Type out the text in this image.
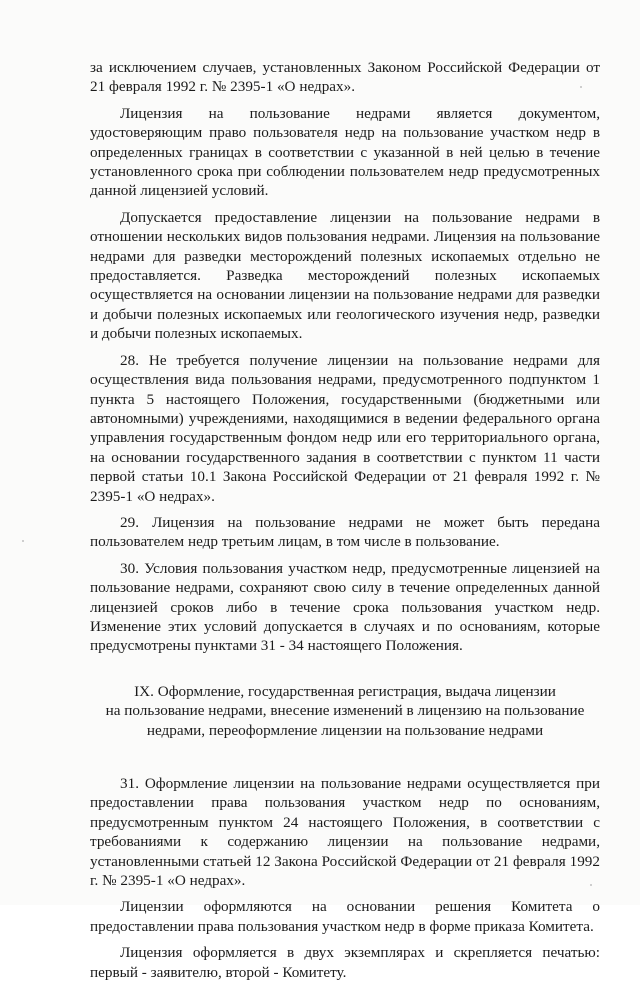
за исключением случаев, установленных Законом Российской Федерации от 21 февраля 1992 г. № 2395-1 «О недрах».

Лицензия на пользование недрами является документом, удостоверяющим право пользователя недр на пользование участком недр в определенных границах в соответствии с указанной в ней целью в течение установленного срока при соблюдении пользователем недр предусмотренных данной лицензией условий.

Допускается предоставление лицензии на пользование недрами в отношении нескольких видов пользования недрами. Лицензия на пользование недрами для разведки месторождений полезных ископаемых отдельно не предоставляется. Разведка месторождений полезных ископаемых осуществляется на основании лицензии на пользование недрами для разведки и добычи полезных ископаемых или геологического изучения недр, разведки и добычи полезных ископаемых.

28. Не требуется получение лицензии на пользование недрами для осуществления вида пользования недрами, предусмотренного подпунктом 1 пункта 5 настоящего Положения, государственными (бюджетными или автономными) учреждениями, находящимися в ведении федерального органа управления государственным фондом недр или его территориального органа, на основании государственного задания в соответствии с пунктом 11 части первой статьи 10.1 Закона Российской Федерации от 21 февраля 1992 г. № 2395-1 «О недрах».

29. Лицензия на пользование недрами не может быть передана пользователем недр третьим лицам, в том числе в пользование.

30. Условия пользования участком недр, предусмотренные лицензией на пользование недрами, сохраняют свою силу в течение определенных данной лицензией сроков либо в течение срока пользования участком недр. Изменение этих условий допускается в случаях и по основаниям, которые предусмотрены пунктами 31 - 34 настоящего Положения.

IX. Оформление, государственная регистрация, выдача лицензии
на пользование недрами, внесение изменений в лицензию на пользование
недрами, переоформление лицензии на пользование недрами

31. Оформление лицензии на пользование недрами осуществляется при предоставлении права пользования участком недр по основаниям, предусмотренным пунктом 24 настоящего Положения, в соответствии с требованиями к содержанию лицензии на пользование недрами, установленными статьей 12 Закона Российской Федерации от 21 февраля 1992 г. № 2395-1 «О недрах».

Лицензии оформляются на основании решения Комитета о предоставлении права пользования участком недр в форме приказа Комитета.

Лицензия оформляется в двух экземплярах и скрепляется печатью: первый - заявителю, второй - Комитету.
